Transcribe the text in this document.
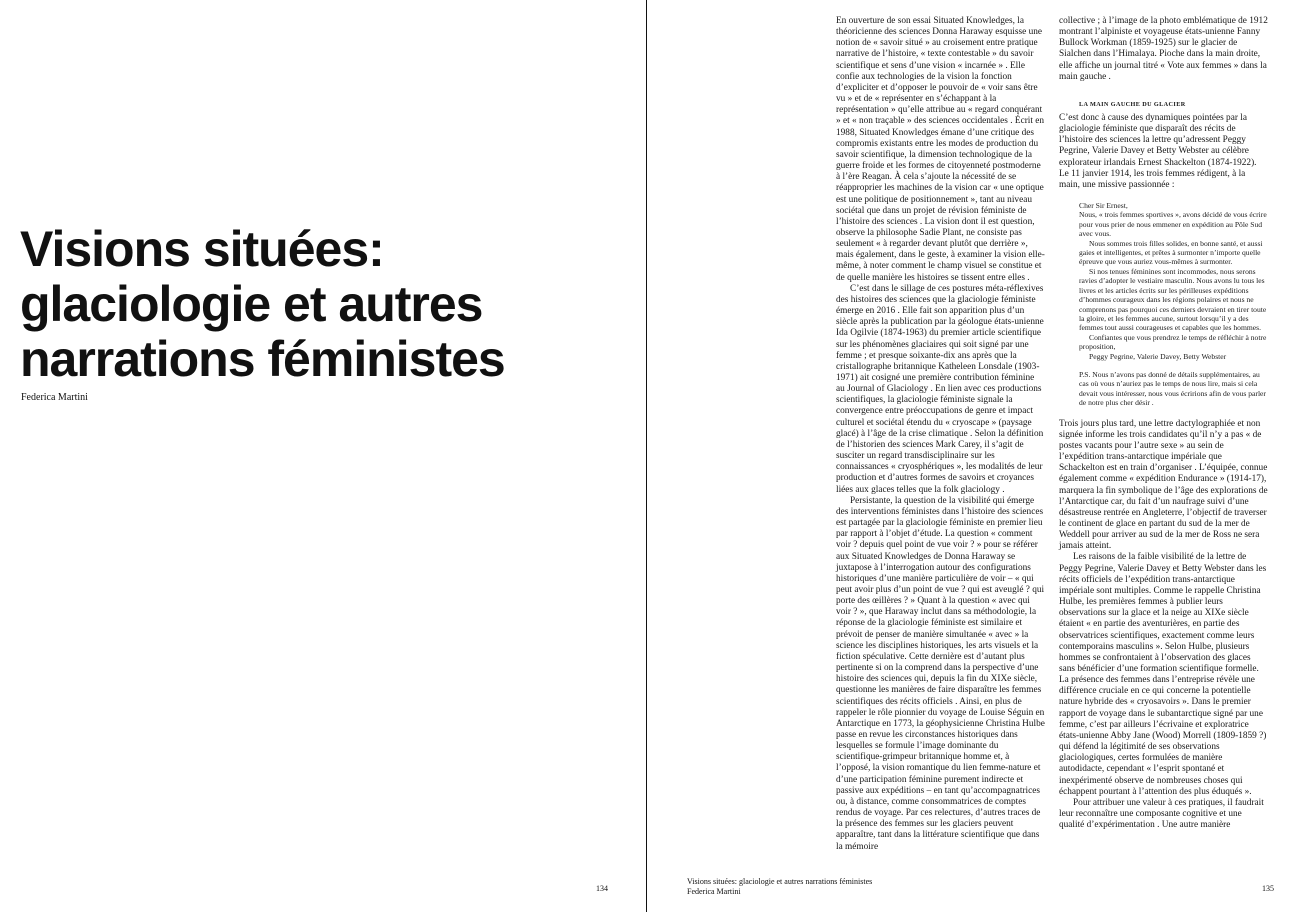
Visions situées:
glaciologie et autres
narrations féministes
Federica Martini
134

En ouverture de son essai Situated Knowledges, la théoricienne des sciences Donna Haraway esquisse une notion de « savoir situé » au croisement entre pratique narrative de l’histoire, « texte contestable » du savoir scientifique et sens d’une vision « incarnée » . Elle confie aux technologies de la vision la fonction d’expliciter et d’opposer le pouvoir de « voir sans être vu » et de « représenter en s’échappant à la représentation » qu’elle attribue au « regard conquérant » et « non traçable » des sciences occidentales . Écrit en 1988, Situated Knowledges émane d’une critique des compromis existants entre les modes de production du savoir scientifique, la dimension technologique de la guerre froide et les formes de citoyenneté postmoderne à l’ère Reagan. À cela s’ajoute la nécessité de se réapproprier les machines de la vision car « une optique est une politique de positionnement », tant au niveau sociétal que dans un projet de révision féministe de l’histoire des sciences . La vision dont il est question, observe la philosophe Sadie Plant, ne consiste pas seulement « à regarder devant plutôt que derrière », mais également, dans le geste, à examiner la vision elle-même, à noter comment le champ visuel se constitue et de quelle manière les histoires se tissent entre elles .

C’est dans le sillage de ces postures méta-réflexives des histoires des sciences que la glaciologie féministe émerge en 2016 . Elle fait son apparition plus d’un siècle après la publication par la géologue états-unienne Ida Ogilvie (1874-1963) du premier article scientifique sur les phénomènes glaciaires qui soit signé par une femme ; et presque soixante-dix ans après que la cristallographe britannique Katheleen Lonsdale (1903-1971) ait cosigné une première contribution féminine au Journal of Glaciology . En lien avec ces productions scientifiques, la glaciologie féministe signale la convergence entre préoccupations de genre et impact culturel et sociétal étendu du « cryoscape » (paysage glacé) à l’âge de la crise climatique . Selon la définition de l’historien des sciences Mark Carey, il s’agit de susciter un regard transdisciplinaire sur les connaissances « cryosphériques », les modalités de leur production et d’autres formes de savoirs et croyances liées aux glaces telles que la folk glaciology .

Persistante, la question de la visibilité qui émerge des interventions féministes dans l’histoire des sciences est partagée par la glaciologie féministe en premier lieu par rapport à l’objet d’étude. La question « comment voir ? depuis quel point de vue voir ? » pour se référer aux Situated Knowledges de Donna Haraway se juxtapose à l’interrogation autour des configurations historiques d’une manière particulière de voir – « qui peut avoir plus d’un point de vue ? qui est aveuglé ? qui porte des œillères ? » Quant à la question « avec qui voir ? », que Haraway inclut dans sa méthodologie, la réponse de la glaciologie féministe est similaire et prévoit de penser de manière simultanée « avec » la science les disciplines historiques, les arts visuels et la fiction spéculative. Cette dernière est d’autant plus pertinente si on la comprend dans la perspective d’une histoire des sciences qui, depuis la fin du XIXe siècle, questionne les manières de faire disparaître les femmes scientifiques des récits officiels . Ainsi, en plus de rappeler le rôle pionnier du voyage de Louise Séguin en Antarctique en 1773, la géophysicienne Christina Hulbe passe en revue les circonstances historiques dans lesquelles se formule l’image dominante du scientifique-grimpeur britannique homme et, à l’opposé, la vision romantique du lien femme-nature et d’une participation féminine purement indirecte et passive aux expéditions – en tant qu’accompagnatrices ou, à distance, comme consommatrices de comptes rendus de voyage. Par ces relectures, d’autres traces de la présence des femmes sur les glaciers peuvent apparaître, tant dans la littérature scientifique que dans la mémoire

collective ; à l’image de la photo emblématique de 1912 montrant l’alpiniste et voyageuse états-unienne Fanny Bullock Workman (1859-1925) sur le glacier de Sialchen dans l’Himalaya. Pioche dans la main droite, elle affiche un journal titré « Vote aux femmes » dans la main gauche .

LA MAIN GAUCHE DU GLACIER

C’est donc à cause des dynamiques pointées par la glaciologie féministe que disparaît des récits de l’histoire des sciences la lettre qu’adressent Peggy Pegrine, Valerie Davey et Betty Webster au célèbre explorateur irlandais Ernest Shackelton (1874-1922). Le 11 janvier 1914, les trois femmes rédigent, à la main, une missive passionnée :

Cher Sir Ernest,

Nous, « trois femmes sportives », avons décidé de vous écrire pour vous prier de nous emmener en expédition au Pôle Sud avec vous.

Nous sommes trois filles solides, en bonne santé, et aussi gaies et intelligentes, et prêtes à surmonter n’importe quelle épreuve que vous auriez vous-mêmes à surmonter.

Si nos tenues féminines sont incommodes, nous serons ravies d’adopter le vestiaire masculin. Nous avons lu tous les livres et les articles écrits sur les périlleuses expéditions d’hommes courageux dans les régions polaires et nous ne comprenons pas pourquoi ces derniers devraient en tirer toute la gloire, et les femmes aucune, surtout lorsqu’il y a des femmes tout aussi courageuses et capables que les hommes.

Confiantes que vous prendrez le temps de réfléchir à notre proposition,

Peggy Pegrine, Valerie Davey, Betty Webster

P.S. Nous n’avons pas donné de détails supplémentaires, au cas où vous n’auriez pas le temps de nous lire, mais si cela devait vous intéresser, nous vous écririons afin de vous parler de notre plus cher désir .

Trois jours plus tard, une lettre dactylographiée et non signée informe les trois candidates qu’il n’y a pas « de postes vacants pour l’autre sexe » au sein de l’expédition trans-antarctique impériale que Schackelton est en train d’organiser . L’équipée, connue également comme « expédition Endurance » (1914-17), marquera la fin symbolique de l’âge des explorations de l’Antarctique car, du fait d’un naufrage suivi d’une désastreuse rentrée en Angleterre, l’objectif de traverser le continent de glace en partant du sud de la mer de Weddell pour arriver au sud de la mer de Ross ne sera jamais atteint.

Les raisons de la faible visibilité de la lettre de Peggy Pegrine, Valerie Davey et Betty Webster dans les récits officiels de l’expédition trans-antarctique impériale sont multiples. Comme le rappelle Christina Hulbe, les premières femmes à publier leurs observations sur la glace et la neige au XIXe siècle étaient « en partie des aventurières, en partie des observatrices scientifiques, exactement comme leurs contemporains masculins ». Selon Hulbe, plusieurs hommes se confrontaient à l’observation des glaces sans bénéficier d’une formation scientifique formelle. La présence des femmes dans l’entreprise révèle une différence cruciale en ce qui concerne la potentielle nature hybride des « cryosavoirs ». Dans le premier rapport de voyage dans le subantarctique signé par une femme, c’est par ailleurs l’écrivaine et exploratrice états-unienne Abby Jane (Wood) Morrell (1809-1859 ?) qui défend la légitimité de ses observations glaciologiques, certes formulées de manière autodidacte, cependant « l’esprit spontané et inexpérimenté observe de nombreuses choses qui échappent pourtant à l’attention des plus éduqués ».

Pour attribuer une valeur à ces pratiques, il faudrait leur reconnaître une composante cognitive et une qualité d’expérimentation . Une autre manière

Visions situées: glaciologie et autres narrations féministes
Federica Martini	135
